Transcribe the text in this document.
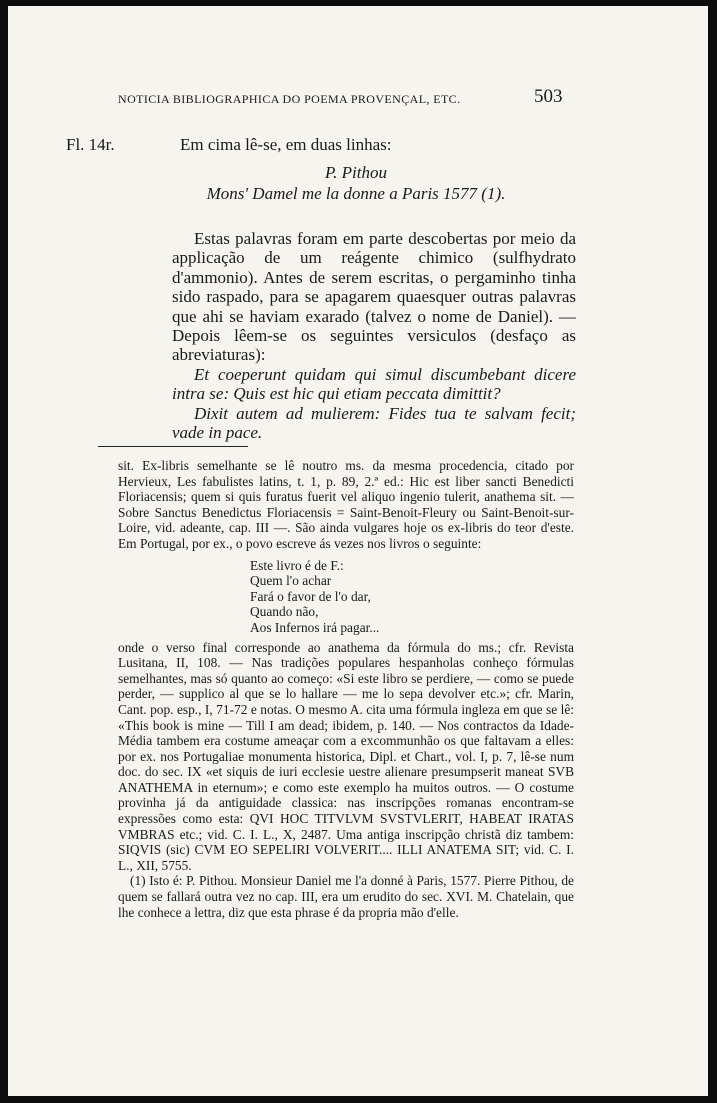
NOTICIA BIBLIOGRAPHICA DO POEMA PROVENÇAL, ETC.	503
Fl. 14r.	Em cima lê-se, em duas linhas:
P. Pithou
Mons' Damel me la donne a Paris 1577 (1).

Estas palavras foram em parte descobertas por meio da applicação de um reágente chimico (sulfhydrato d'ammonio). Antes de serem escritas, o pergaminho tinha sido raspado, para se apagarem quaesquer outras palavras que ahi se haviam exarado (talvez o nome de Daniel). — Depois lêem-se os seguintes versiculos (desfaço as abreviaturas):

Et coeperunt quidam qui simul discumbebant dicere intra se: Quis est hic qui etiam peccata dimittit?

Dixit autem ad mulierem: Fides tua te salvam fecit; vade in pace.

sit. Ex-libris semelhante se lê noutro ms. da mesma procedencia, citado por Hervieux, Les fabulistes latins, t. 1, p. 89, 2.ª ed.: Hic est liber sancti Benedicti Floriacensis; quem si quis furatus fuerit vel aliquo ingenio tulerit, anathema sit. — Sobre Sanctus Benedictus Floriacensis = Saint-Benoit-Fleury ou Saint-Benoit-sur-Loire, vid. adeante, cap. III —. São ainda vulgares hoje os ex-libris do teor d'este. Em Portugal, por ex., o povo escreve ás vezes nos livros o seguinte:

Este livro é de F.:
Quem l'o achar
Fará o favor de l'o dar,
Quando não,
Aos Infernos irá pagar...

onde o verso final corresponde ao anathema da fórmula do ms.; cfr. Revista Lusitana, II, 108. — Nas tradições populares hespanholas conheço fórmulas semelhantes, mas só quanto ao começo: «Si este libro se perdiere, — como se puede perder, — supplico al que se lo hallare — me lo sepa devolver etc.»; cfr. Marin, Cant. pop. esp., I, 71-72 e notas. O mesmo A. cita uma fórmula ingleza em que se lê: «This book is mine — Till I am dead; ibidem, p. 140. — Nos contractos da Idade-Média tambem era costume ameaçar com a excommunhão os que faltavam a elles: por ex. nos Portugaliae monumenta historica, Dipl. et Chart., vol. I, p. 7, lê-se num doc. do sec. IX «et siquis de iuri ecclesie uestre alienare presumpserit maneat SVB ANATHEMA in eternum»; e como este exemplo ha muitos outros. — O costume provinha já da antiguidade classica: nas inscripções romanas encontram-se expressões como esta: QVI HOC TITVLVM SVSTVLERIT, HABEAT IRATAS VMBRAS etc.; vid. C. I. L., X, 2487. Uma antiga inscripção christã diz tambem: SIQVIS (sic) CVM EO SEPELIRI VOLVERIT.... ILLI ANATEMA SIT; vid. C. I. L., XII, 5755.

(1) Isto é: P. Pithou. Monsieur Daniel me l'a donné à Paris, 1577. Pierre Pithou, de quem se fallará outra vez no cap. III, era um erudito do sec. XVI. M. Chatelain, que lhe conhece a lettra, diz que esta phrase é da propria mão d'elle.
